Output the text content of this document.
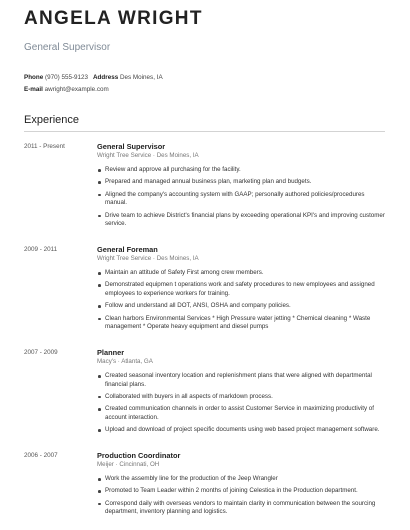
ANGELA WRIGHT
General Supervisor
Phone (970) 555-9123 Address Des Moines, IA
E-mail awright@example.com
Experience
2011 - Present	General Supervisor
Wright Tree Service · Des Moines, IA
Review and approve all purchasing for the facility.
Prepared and managed annual business plan, marketing plan and budgets.
Aligned the company's accounting system with GAAP; personally authored policies/procedures manual.
Drive team to achieve District's financial plans by exceeding operational KPI's and improving customer service.
2009 - 2011	General Foreman
Wright Tree Service · Des Moines, IA
Maintain an attitude of Safety First among crew members.
Demonstrated equipmen t operations work and safety procedures to new employees and assigned employees to experience workers for training.
Follow and understand all DOT, ANSI, OSHA and company policies.
Clean harbors Environmental Services * High Pressure water jetting * Chemical cleaning * Waste management * Operate heavy equipment and diesel pumps
2007 - 2009	Planner
Macy's · Atlanta, GA
Created seasonal inventory location and replenishment plans that were aligned with departmental financial plans.
Collaborated with buyers in all aspects of markdown process.
Created communication channels in order to assist Customer Service in maximizing productivity of account interaction.
Upload and download of project specific documents using web based project management software.
2006 - 2007	Production Coordinator
Meijer · Cincinnati, OH
Work the assembly line for the production of the Jeep Wrangler
Promoted to Team Leader within 2 months of joining Celestica in the Production department.
Correspond daily with overseas vendors to maintain clarity in communication between the sourcing department, inventory planning and logistics.
